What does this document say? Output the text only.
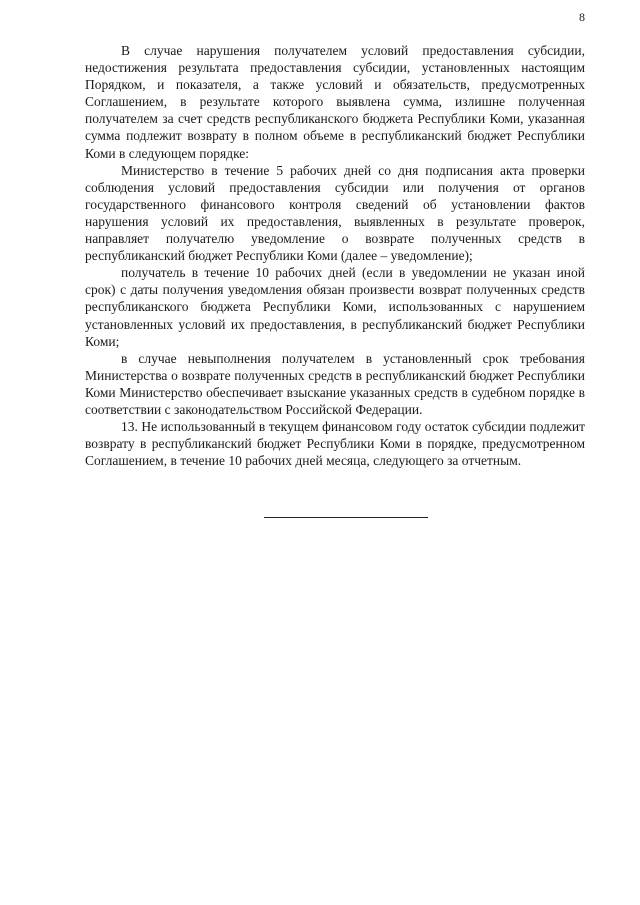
8

В случае нарушения получателем условий предоставления субсидии, недостижения результата предоставления субсидии, установленных настоящим Порядком, и показателя, а также условий и обязательств, предусмотренных Соглашением, в результате которого выявлена сумма, излишне полученная получателем за счет средств республиканского бюджета Республики Коми, указанная сумма подлежит возврату в полном объеме в республиканский бюджет Республики Коми в следующем порядке:

Министерство в течение 5 рабочих дней со дня подписания акта проверки соблюдения условий предоставления субсидии или получения от органов государственного финансового контроля сведений об установлении фактов нарушения условий их предоставления, выявленных в результате проверок, направляет получателю уведомление о возврате полученных средств в республиканский бюджет Республики Коми (далее – уведомление);

получатель в течение 10 рабочих дней (если в уведомлении не указан иной срок) с даты получения уведомления обязан произвести возврат полученных средств республиканского бюджета Республики Коми, использованных с нарушением установленных условий их предоставления, в республиканский бюджет Республики Коми;

в случае невыполнения получателем в установленный срок требования Министерства о возврате полученных средств в республиканский бюджет Республики Коми Министерство обеспечивает взыскание указанных средств в судебном порядке в соответствии с законодательством Российской Федерации.

13. Не использованный в текущем финансовом году остаток субсидии подлежит возврату в республиканский бюджет Республики Коми в порядке, предусмотренном Соглашением, в течение 10 рабочих дней месяца, следующего за отчетным.
